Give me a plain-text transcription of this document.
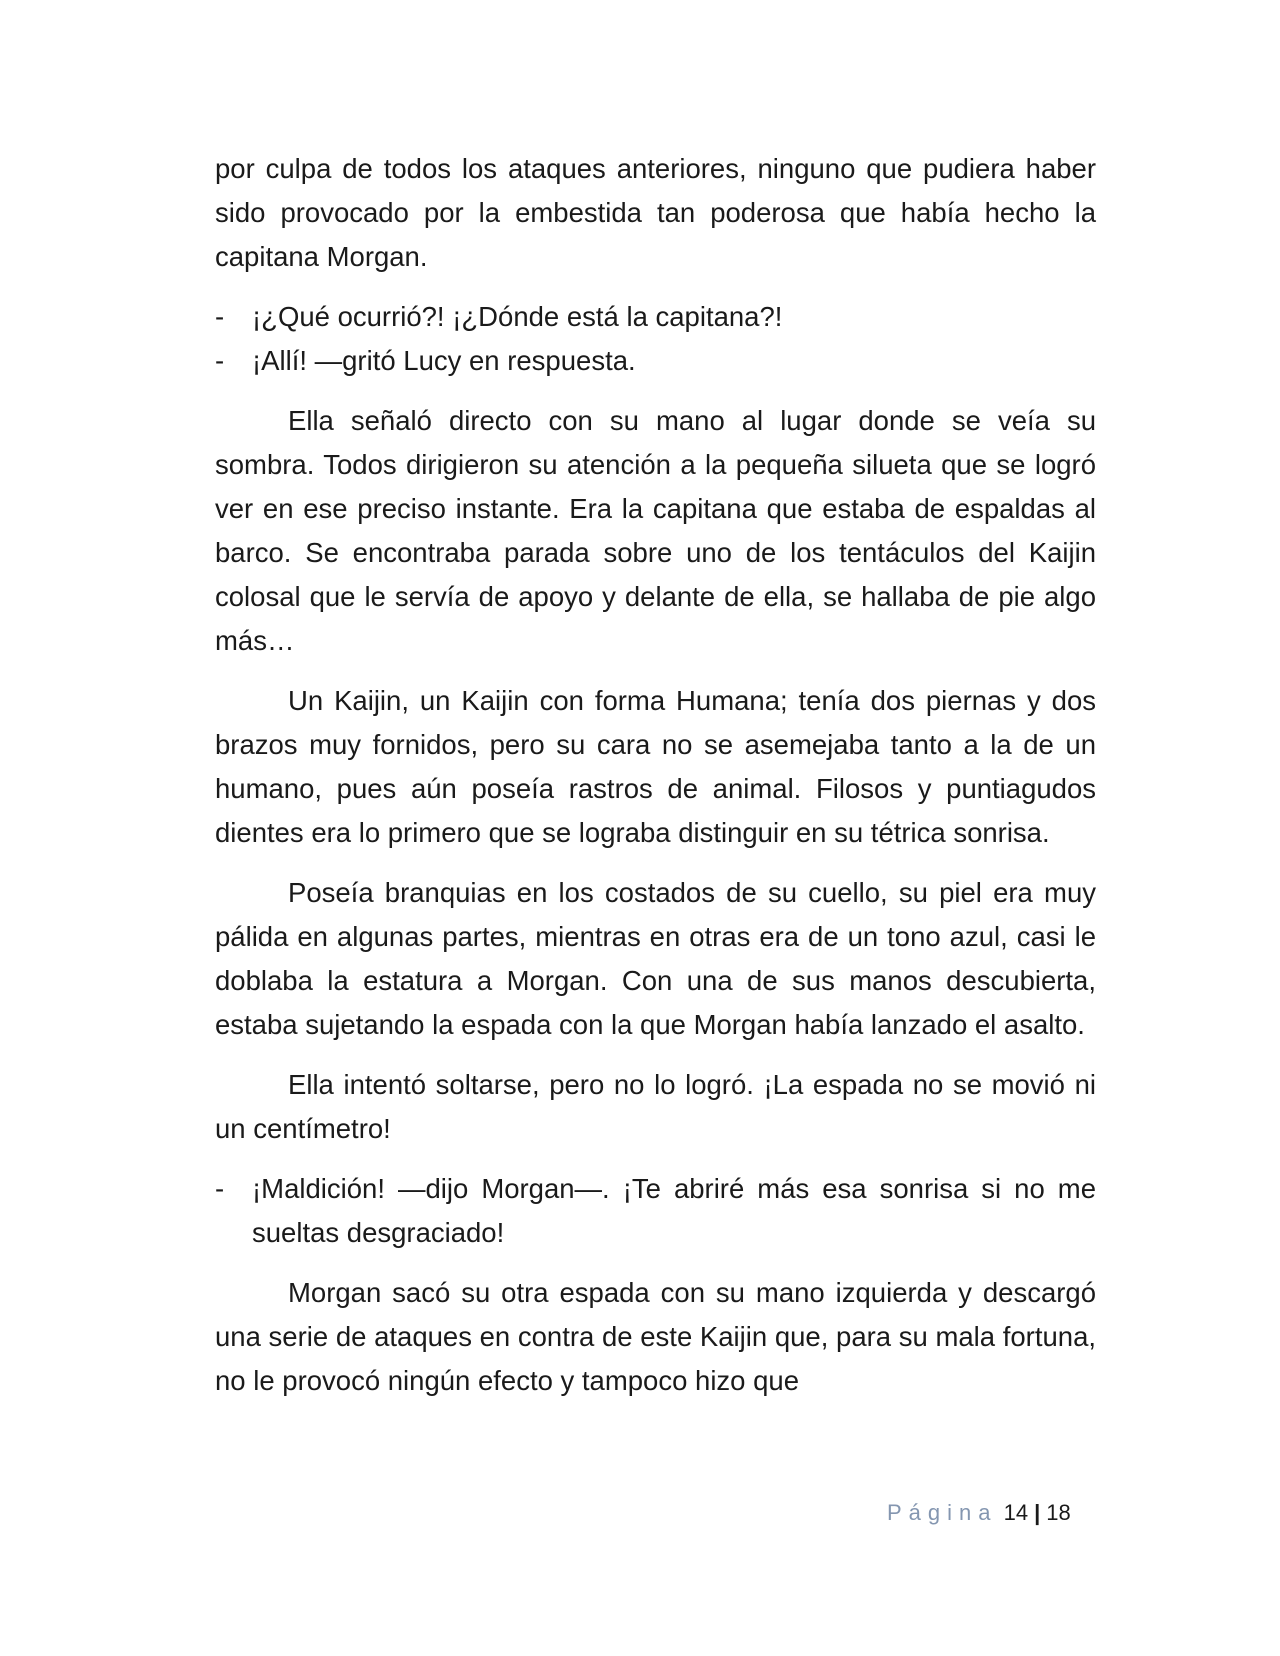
por culpa de todos los ataques anteriores, ninguno que pudiera haber sido provocado por la embestida tan poderosa que había hecho la capitana Morgan.

-	¡¿Qué ocurrió?! ¡¿Dónde está la capitana?!
-	¡Allí! —gritó Lucy en respuesta.

Ella señaló directo con su mano al lugar donde se veía su sombra. Todos dirigieron su atención a la pequeña silueta que se logró ver en ese preciso instante. Era la capitana que estaba de espaldas al barco. Se encontraba parada sobre uno de los tentáculos del Kaijin colosal que le servía de apoyo y delante de ella, se hallaba de pie algo más…

Un Kaijin, un Kaijin con forma Humana; tenía dos piernas y dos brazos muy fornidos, pero su cara no se asemejaba tanto a la de un humano, pues aún poseía rastros de animal. Filosos y puntiagudos dientes era lo primero que se lograba distinguir en su tétrica sonrisa.

Poseía branquias en los costados de su cuello, su piel era muy pálida en algunas partes, mientras en otras era de un tono azul, casi le doblaba la estatura a Morgan. Con una de sus manos descubierta, estaba sujetando la espada con la que Morgan había lanzado el asalto.

Ella intentó soltarse, pero no lo logró. ¡La espada no se movió ni un centímetro!

-	¡Maldición! —dijo Morgan—. ¡Te abriré más esa sonrisa si no me sueltas desgraciado!

Morgan sacó su otra espada con su mano izquierda y descargó una serie de ataques en contra de este Kaijin que, para su mala fortuna, no le provocó ningún efecto y tampoco hizo que

Página 14 | 18
